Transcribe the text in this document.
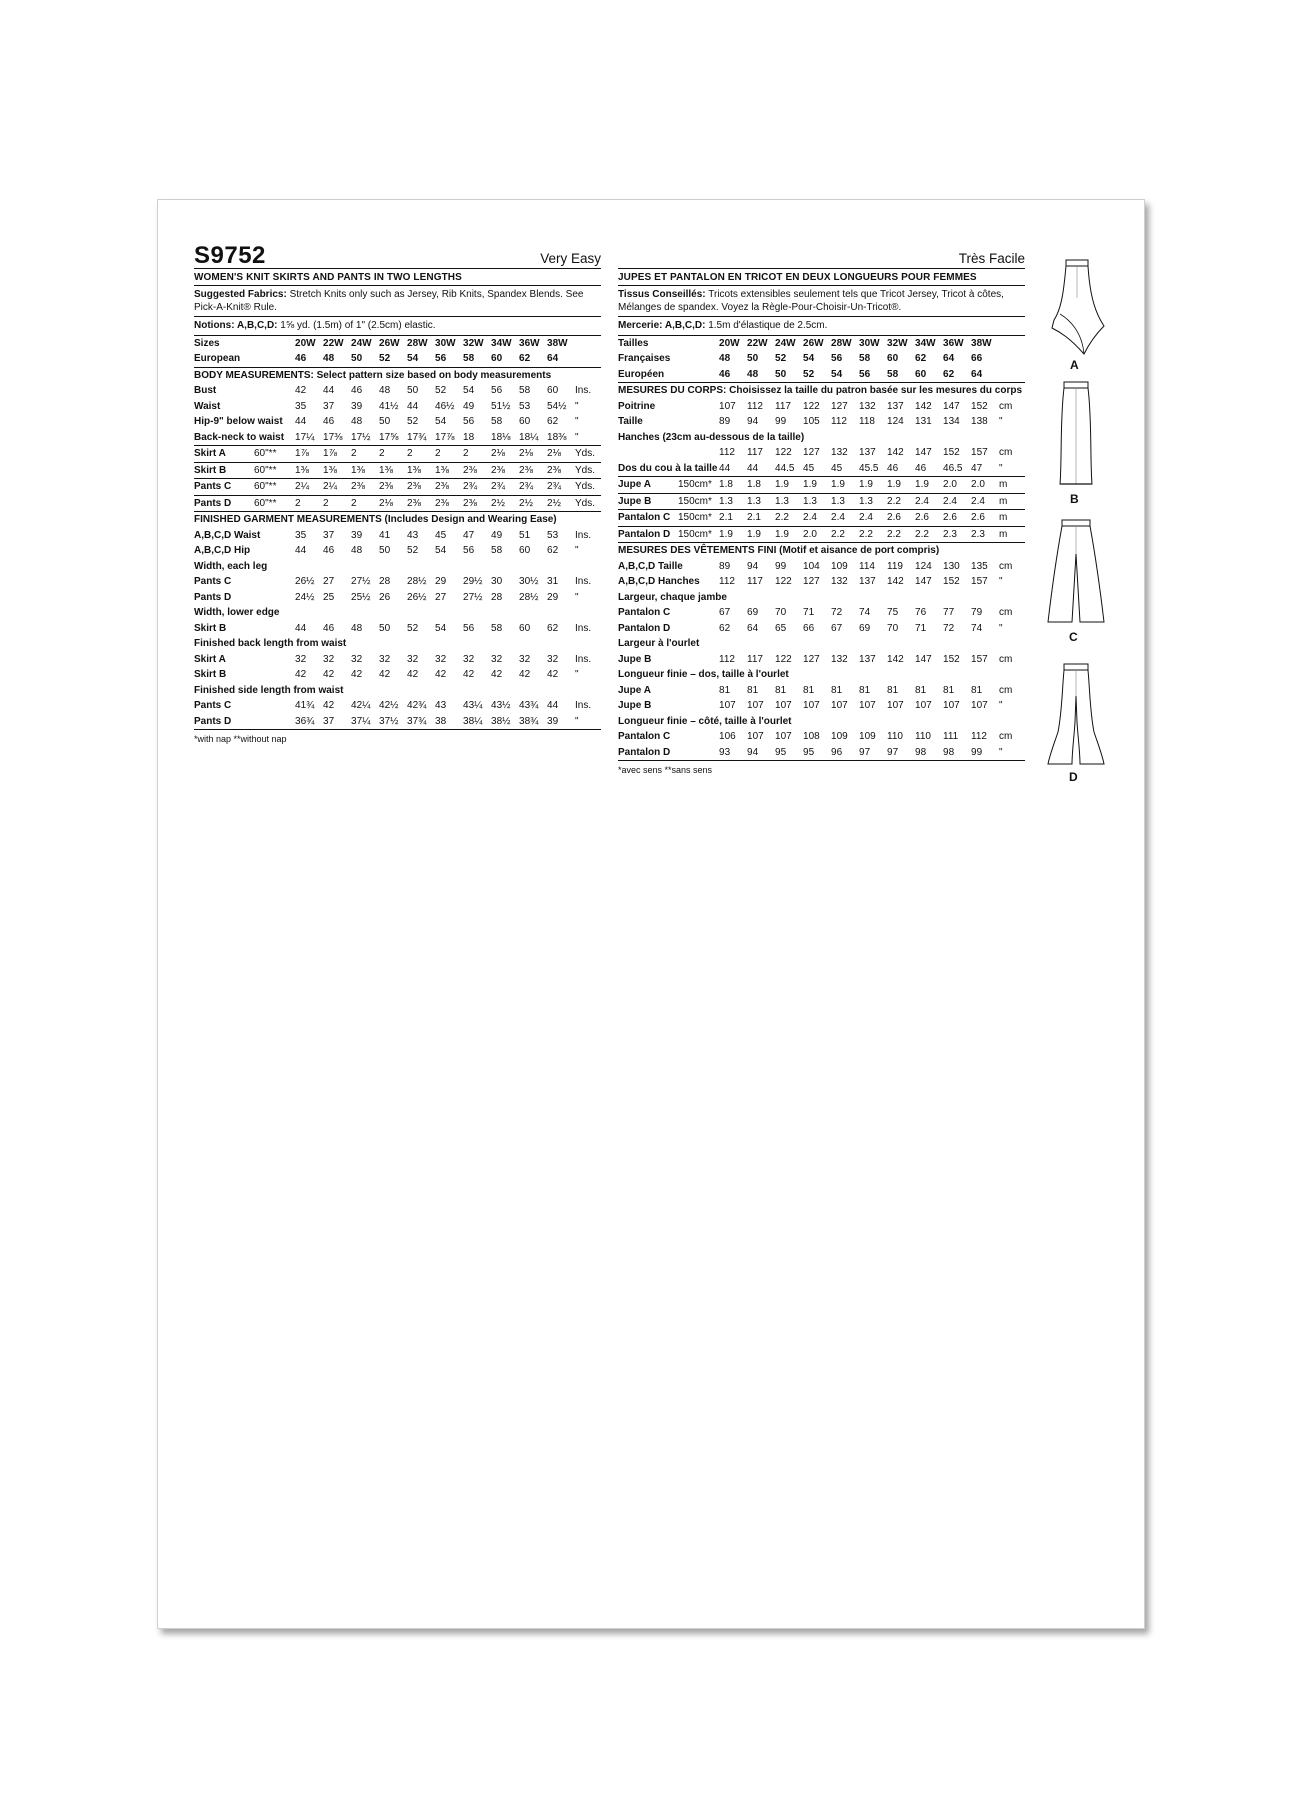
S9752	Very Easy
WOMEN'S KNIT SKIRTS AND PANTS IN TWO LENGTHS
Suggested Fabrics: Stretch Knits only such as Jersey, Rib Knits, Spandex Blends. See Pick-A-Knit® Rule.
Notions: A,B,C,D: 1⅝ yd. (1.5m) of 1" (2.5cm) elastic.
Sizes		20W	22W	24W	26W	28W	30W	32W	34W	36W	38W	
European		46	48	50	52	54	56	58	60	62	64	
BODY MEASUREMENTS: Select pattern size based on body measurements												
Bust		42	44	46	48	50	52	54	56	58	60	Ins.
Waist		35	37	39	41½	44	46½	49	51½	53	54½	"
Hip-9" below waist		44	46	48	50	52	54	56	58	60	62	"
Back-neck to waist		17¼	17⅜	17½	17⅝	17¾	17⅞	18	18⅛	18¼	18⅜	"
Skirt A	60"**	1⅞	1⅞	2	2	2	2	2	2⅛	2⅛	2⅛	Yds.
Skirt B	60"**	1⅜	1⅜	1⅜	1⅜	1⅜	1⅜	2⅜	2⅜	2⅜	2⅜	Yds.
Pants C	60"**	2¼	2¼	2⅜	2⅜	2⅜	2⅜	2¾	2¾	2¾	2¾	Yds.
Pants D	60"**	2	2	2	2⅛	2⅜	2⅜	2⅜	2½	2½	2½	Yds.
FINISHED GARMENT MEASUREMENTS (Includes Design and Wearing Ease)												
A,B,C,D Waist		35	37	39	41	43	45	47	49	51	53	Ins.
A,B,C,D Hip		44	46	48	50	52	54	56	58	60	62	"
Width, each leg												
Pants C		26½	27	27½	28	28½	29	29½	30	30½	31	Ins.
Pants D		24½	25	25½	26	26½	27	27½	28	28½	29	"
Width, lower edge												
Skirt B		44	46	48	50	52	54	56	58	60	62	Ins.
Finished back length from waist												
Skirt A		32	32	32	32	32	32	32	32	32	32	Ins.
Skirt B		42	42	42	42	42	42	42	42	42	42	"
Finished side length from waist												
Pants C		41¾	42	42¼	42½	42¾	43	43¼	43½	43¾	44	Ins.
Pants D		36¾	37	37¼	37½	37¾	38	38¼	38½	38¾	39	"
*with nap **without nap
Très Facile
JUPES ET PANTALON EN TRICOT EN DEUX LONGUEURS POUR FEMMES
Tissus Conseillés: Tricots extensibles seulement tels que Tricot Jersey, Tricot à côtes, Mélanges de spandex. Voyez la Règle-Pour-Choisir-Un-Tricot®.
Mercerie: A,B,C,D: 1.5m d'élastique de 2.5cm.
Tailles		20W	22W	24W	26W	28W	30W	32W	34W	36W	38W	
Françaises		48	50	52	54	56	58	60	62	64	66	
Européen		46	48	50	52	54	56	58	60	62	64	
MESURES DU CORPS: Choisissez la taille du patron basée sur les mesures du corps												
Poitrine		107	112	117	122	127	132	137	142	147	152	cm
Taille		89	94	99	105	112	118	124	131	134	138	"
Hanches (23cm au-dessous de la taille)												
		112	117	122	127	132	137	142	147	152	157	cm
Dos du cou à la taille		44	44	44.5	45	45	45.5	46	46	46.5	47	"
Jupe A	150cm*	1.8	1.8	1.9	1.9	1.9	1.9	1.9	1.9	2.0	2.0	m
Jupe B	150cm*	1.3	1.3	1.3	1.3	1.3	1.3	2.2	2.4	2.4	2.4	m
Pantalon C	150cm*	2.1	2.1	2.2	2.4	2.4	2.4	2.6	2.6	2.6	2.6	m
Pantalon D	150cm*	1.9	1.9	1.9	2.0	2.2	2.2	2.2	2.2	2.3	2.3	m
MESURES DES VÊTEMENTS FINI (Motif et aisance de port compris)												
A,B,C,D Taille		89	94	99	104	109	114	119	124	130	135	cm
A,B,C,D Hanches		112	117	122	127	132	137	142	147	152	157	"
Largeur, chaque jambe												
Pantalon C		67	69	70	71	72	74	75	76	77	79	cm
Pantalon D		62	64	65	66	67	69	70	71	72	74	"
Largeur à l'ourlet												
Jupe B		112	117	122	127	132	137	142	147	152	157	cm
Longueur finie – dos, taille à l'ourlet												
Jupe A		81	81	81	81	81	81	81	81	81	81	cm
Jupe B		107	107	107	107	107	107	107	107	107	107	"
Longueur finie – côté, taille à l'ourlet												
Pantalon C		106	107	107	108	109	109	110	110	111	112	cm
Pantalon D		93	94	95	95	96	97	97	98	98	99	"
*avec sens **sans sens
A
B
C
D
